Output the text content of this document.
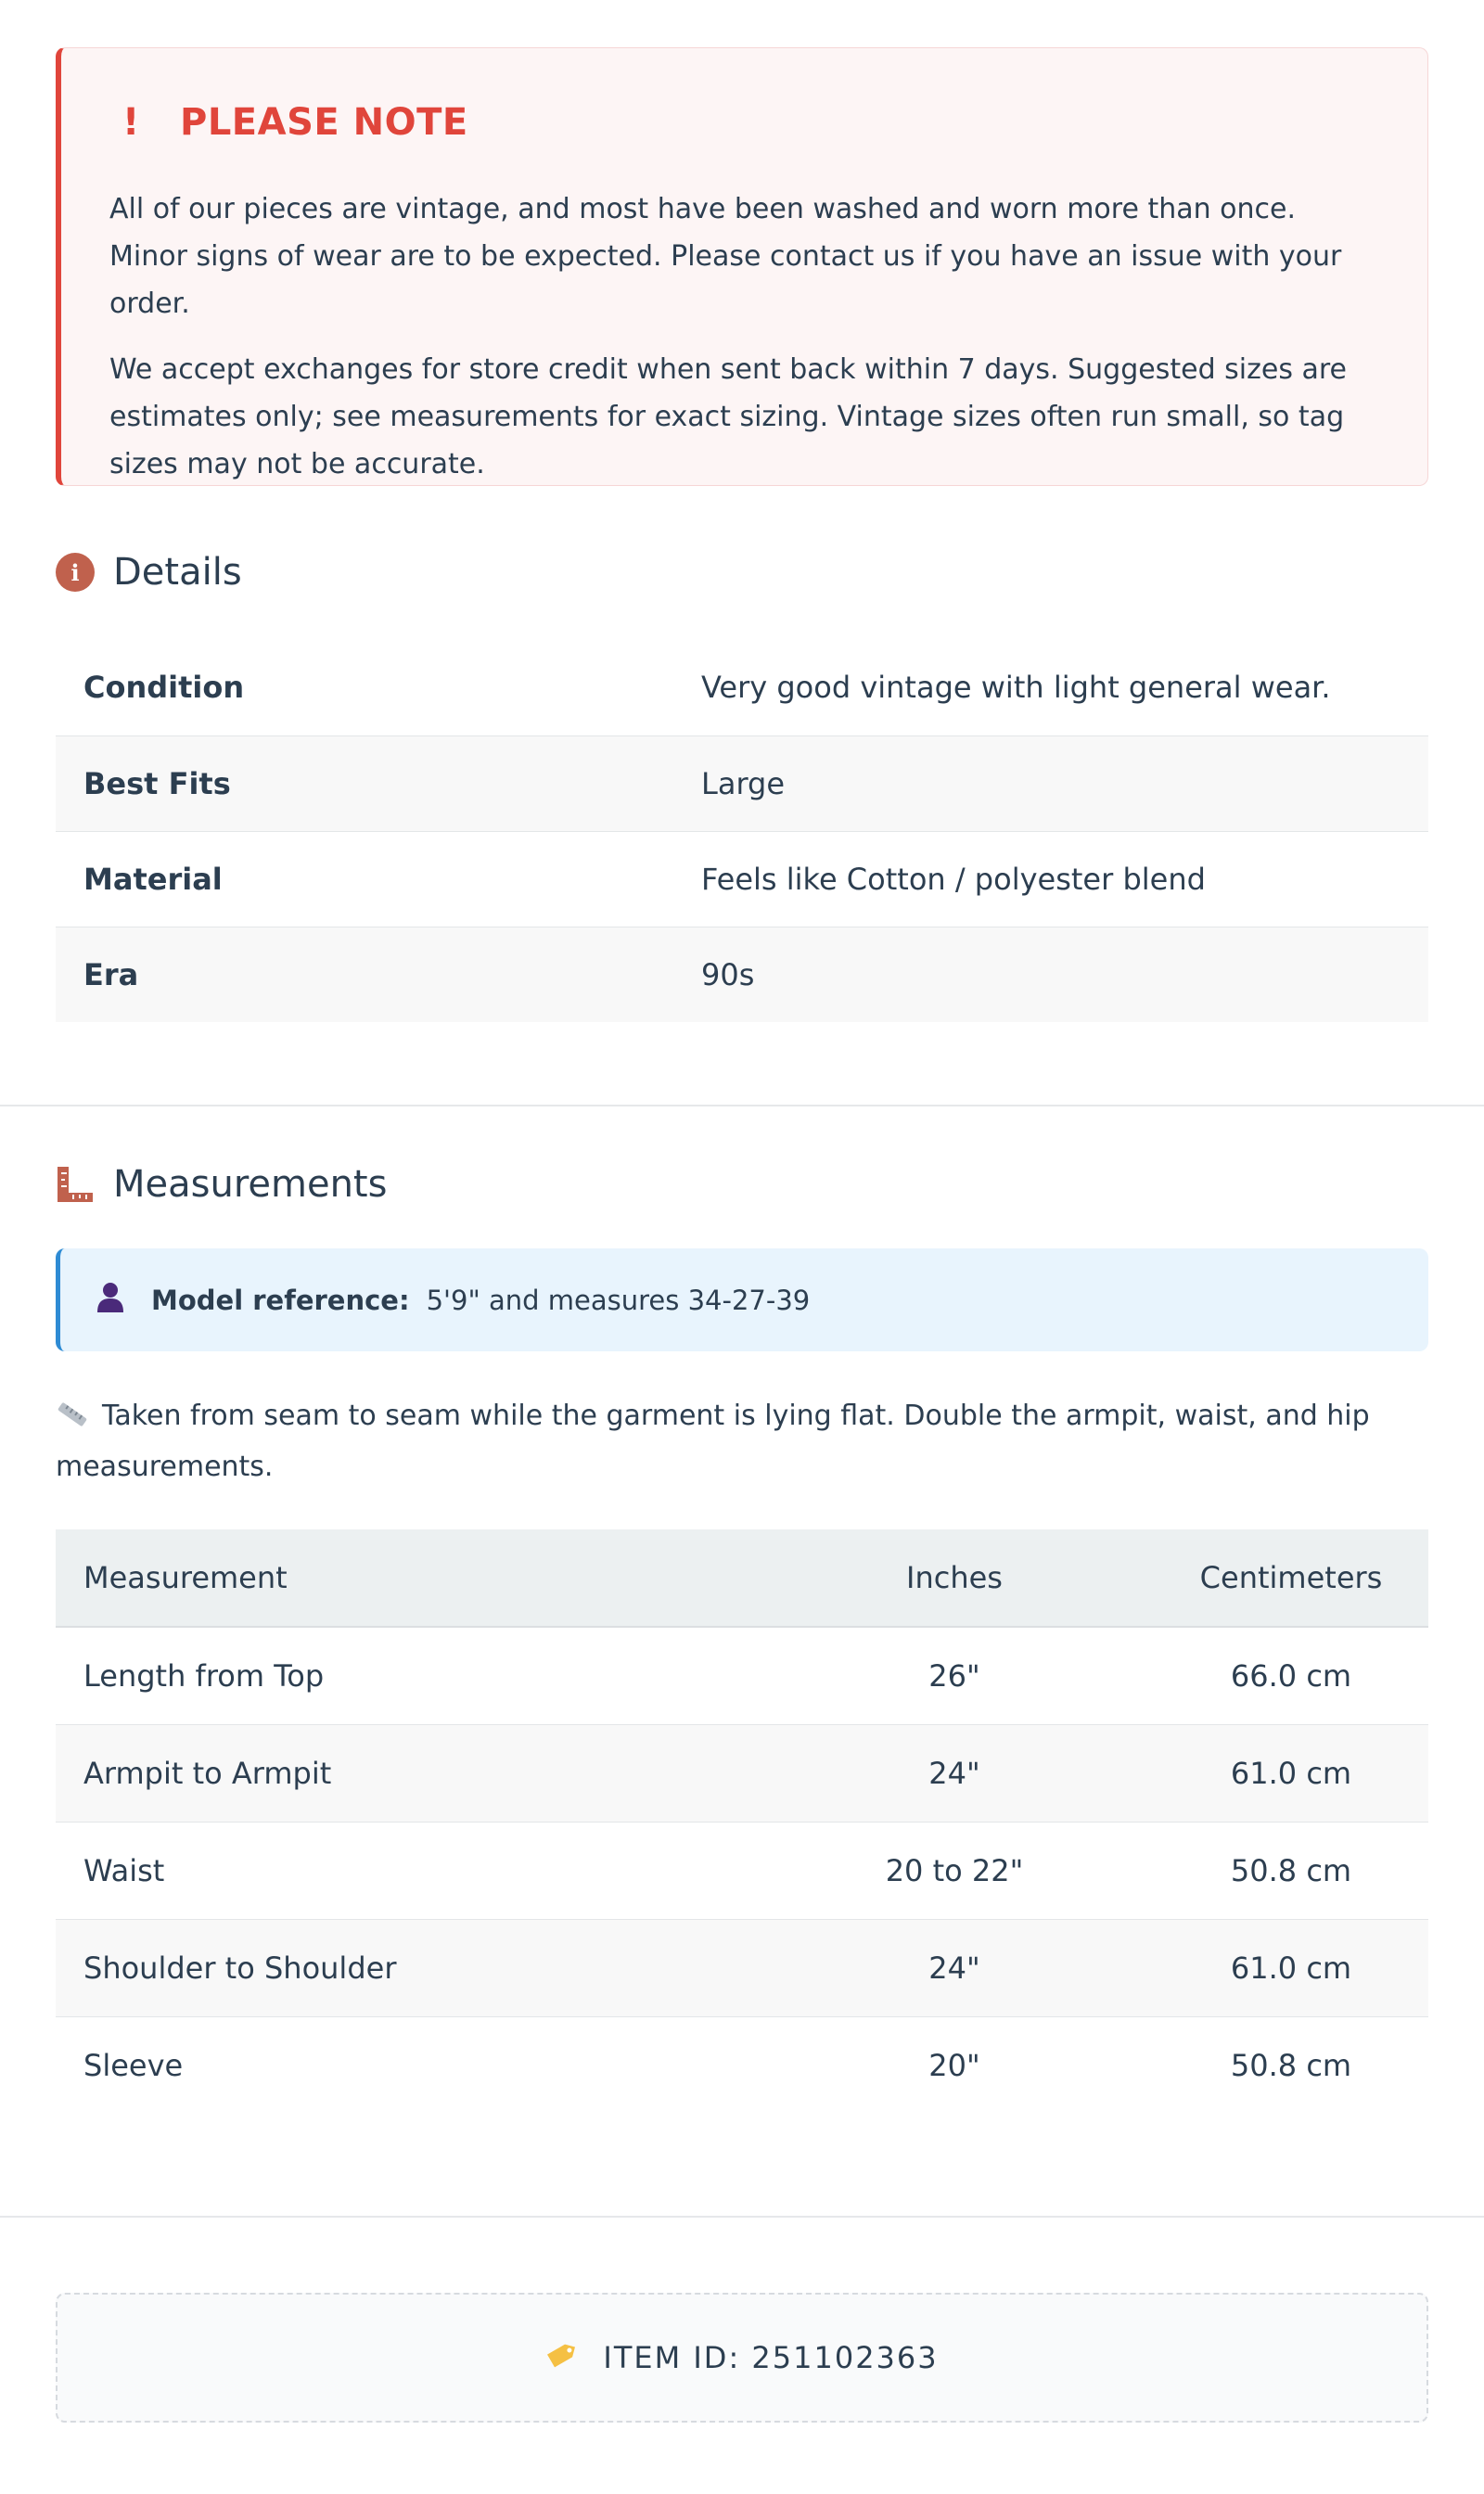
!	PLEASE NOTE

All of our pieces are vintage, and most have been washed and worn more than once. Minor signs of wear are to be expected. Please contact us if you have an issue with your order.

We accept exchanges for store credit when sent back within 7 days. Suggested sizes are estimates only; see measurements for exact sizing. Vintage sizes often run small, so tag sizes may not be accurate.

i Details
Condition	Very good vintage with light general wear.
Best Fits	Large
Material	Feels like Cotton / polyester blend
Era	90s
Measurements
Model reference: 5'9" and measures 34-27-39
Taken from seam to seam while the garment is lying flat. Double the armpit, waist, and hip measurements.
Measurement	Inches	Centimeters
Length from Top	26"	66.0 cm
Armpit to Armpit	24"	61.0 cm
Waist	20 to 22"	50.8 cm
Shoulder to Shoulder	24"	61.0 cm
Sleeve	20"	50.8 cm
ITEM ID: 251102363
